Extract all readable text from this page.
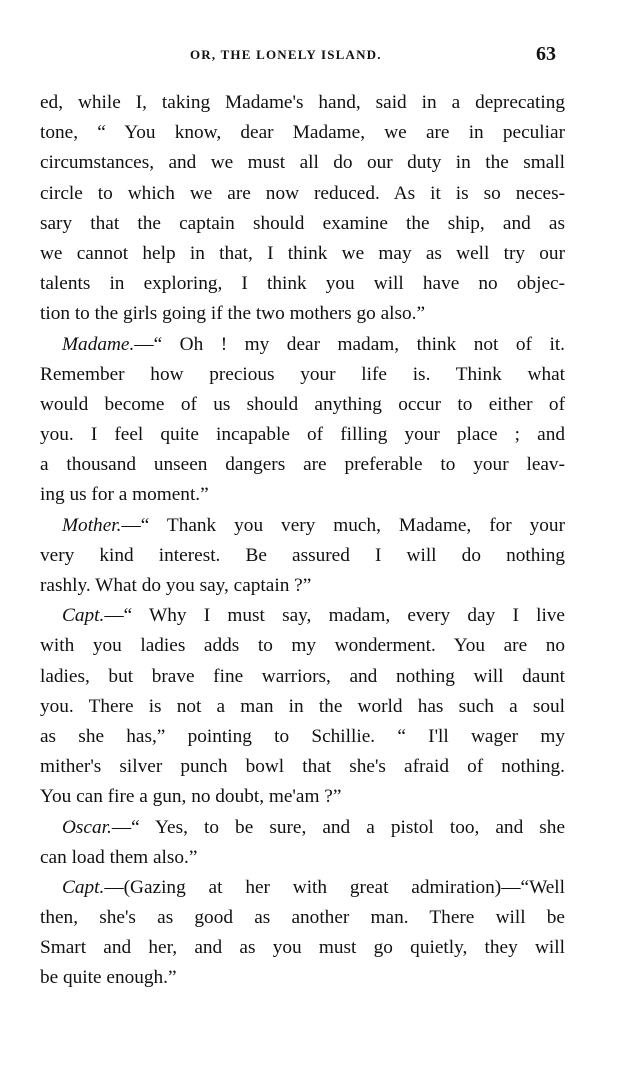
OR, THE LONELY ISLAND.	63
ed, while I, taking Madame's hand, said in a deprecating
tone, “ You know, dear Madame, we are in peculiar
circumstances, and we must all do our duty in the small
circle to which we are now reduced. As it is so neces-
sary that the captain should examine the ship, and as
we cannot help in that, I think we may as well try our
talents in exploring, I think you will have no objec-
tion to the girls going if the two mothers go also.”
Madame.—“ Oh ! my dear madam, think not of it.
Remember how precious your life is. Think what
would become of us should anything occur to either of
you. I feel quite incapable of filling your place ; and
a thousand unseen dangers are preferable to your leav-
ing us for a moment.”
Mother.—“ Thank you very much, Madame, for your
very kind interest. Be assured I will do nothing
rashly. What do you say, captain ?”
Capt.—“ Why I must say, madam, every day I live
with you ladies adds to my wonderment. You are no
ladies, but brave fine warriors, and nothing will daunt
you. There is not a man in the world has such a soul
as she has,” pointing to Schillie. “ I'll wager my
mither's silver punch bowl that she's afraid of nothing.
You can fire a gun, no doubt, me'am ?”
Oscar.—“ Yes, to be sure, and a pistol too, and she
can load them also.”
Capt.—(Gazing at her with great admiration)—“Well
then, she's as good as another man. There will be
Smart and her, and as you must go quietly, they will
be quite enough.”
